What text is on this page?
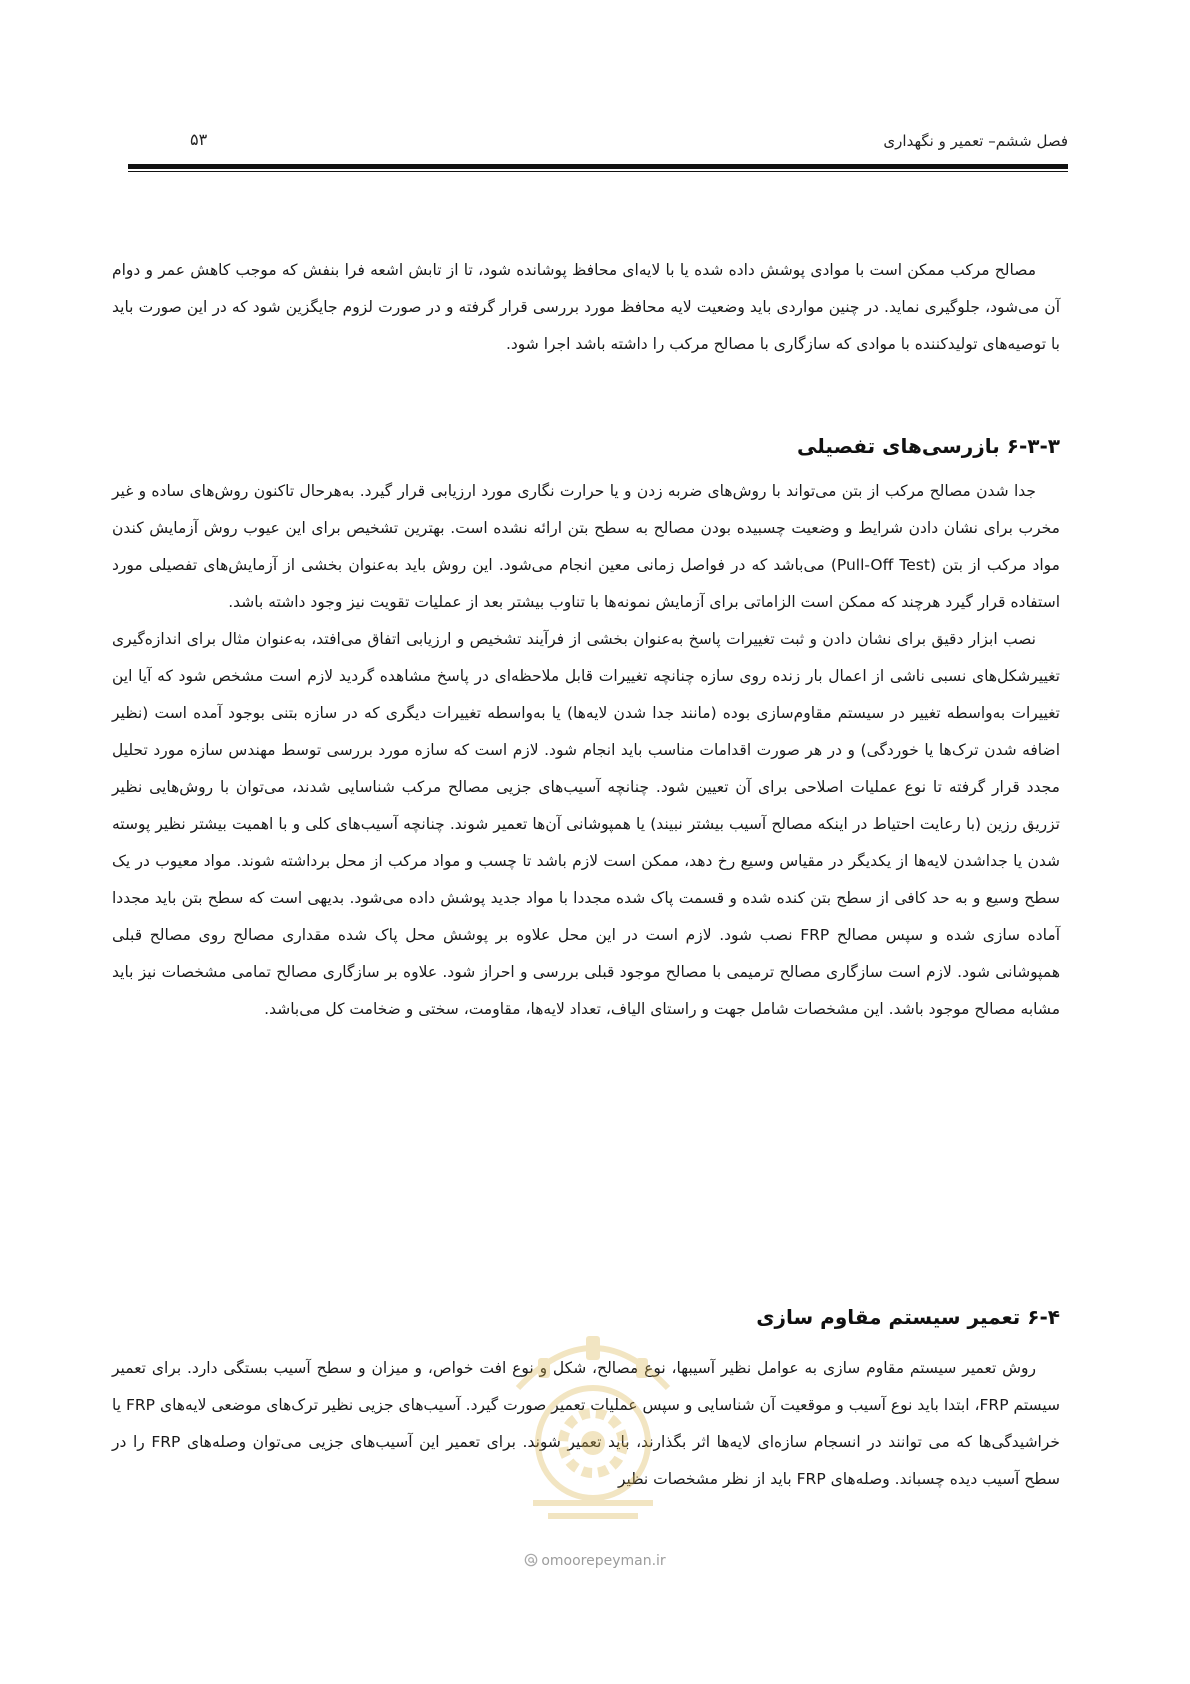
فصل ششم– تعمیر و نگهداری
۵۳

مصالح مرکب ممکن است با موادی پوشش داده شده یا با لایه‌ای محافظ پوشانده شود، تا از تابش اشعه فرا بنفش که موجب کاهش عمر و دوام آن می‌شود، جلوگیری نماید. در چنین مواردی باید وضعیت لایه محافظ مورد بررسی قرار گرفته و در صورت لزوم جایگزین شود که در این صورت باید با توصیه‌های تولیدکننده با موادی که سازگاری با مصالح مرکب را داشته باشد اجرا شود.

۶-۳-۳ بازرسی‌های تفصیلی

جدا شدن مصالح مرکب از بتن می‌تواند با روش‌های ضربه زدن و یا حرارت نگاری مورد ارزیابی قرار گیرد. به‌هرحال تاکنون روش‌های ساده و غیر مخرب برای نشان دادن شرایط و وضعیت چسبیده بودن مصالح به سطح بتن ارائه نشده است. بهترین تشخیص برای این عیوب روش آزمایش کندن مواد مرکب از بتن (Pull-Off Test) می‌باشد که در فواصل زمانی معین انجام می‌شود. این روش باید به‌عنوان بخشی از آزمایش‌های تفصیلی مورد استفاده قرار گیرد هرچند که ممکن است الزاماتی برای آزمایش نمونه‌ها با تناوب بیشتر بعد از عملیات تقویت نیز وجود داشته باشد.

نصب ابزار دقیق برای نشان دادن و ثبت تغییرات پاسخ به‌عنوان بخشی از فرآیند تشخیص و ارزیابی اتفاق می‌افتد، به‌عنوان مثال برای اندازه‌گیری تغییرشکل‌های نسبی ناشی از اعمال بار زنده روی سازه چنانچه تغییرات قابل ملاحظه‌ای در پاسخ مشاهده گردید لازم است مشخص شود که آیا این تغییرات به‌واسطه تغییر در سیستم مقاوم‌سازی بوده (مانند جدا شدن لایه‌ها) یا به‌واسطه تغییرات دیگری که در سازه بتنی بوجود آمده است (نظیر اضافه شدن ترک‌ها یا خوردگی) و در هر صورت اقدامات مناسب باید انجام شود. لازم است که سازه مورد بررسی توسط مهندس سازه مورد تحلیل مجدد قرار گرفته تا نوع عملیات اصلاحی برای آن تعیین شود. چنانچه آسیب‌های جزیی مصالح مرکب شناسایی شدند، می‌توان با روش‌هایی نظیر تزریق رزین (با رعایت احتیاط در اینکه مصالح آسیب بیشتر نبیند) یا همپوشانی آن‌ها تعمیر شوند. چنانچه آسیب‌های کلی و با اهمیت بیشتر نظیر پوسته شدن یا جداشدن لایه‌ها از یکدیگر در مقیاس وسیع رخ دهد، ممکن است لازم باشد تا چسب و مواد مرکب از محل برداشته شوند. مواد معیوب در یک سطح وسیع و به حد کافی از سطح بتن کنده شده و قسمت پاک شده مجددا با مواد جدید پوشش داده می‌شود. بدیهی است که سطح بتن باید مجددا آماده سازی شده و سپس مصالح FRP نصب شود. لازم است در این محل علاوه بر پوشش محل پاک شده مقداری مصالح روی مصالح قبلی همپوشانی شود. لازم است سازگاری مصالح ترمیمی با مصالح موجود قبلی بررسی و احراز شود. علاوه بر سازگاری مصالح تمامی مشخصات نیز باید مشابه مصالح موجود باشد. این مشخصات شامل جهت و راستای الیاف، تعداد لایه‌ها، مقاومت، سختی و ضخامت کل می‌باشد.

۶-۴ تعمیر سیستم مقاوم سازی

روش تعمیر سیستم مقاوم سازی به عوامل نظیر آسیبها، نوع مصالح، شکل و نوع افت خواص، و میزان و سطح آسیب بستگی دارد. برای تعمیر سیستم FRP، ابتدا باید نوع آسیب و موقعیت آن شناسایی و سپس عملیات تعمیر صورت گیرد. آسیب‌های جزیی نظیر ترک‌های موضعی لایه‌های FRP یا خراشیدگی‌ها که می توانند در انسجام سازه‌ای لایه‌ها اثر بگذارند، باید تعمیر شوند. برای تعمیر این آسیب‌های جزیی می‌توان وصله‌های FRP را در سطح آسیب دیده چسباند. وصله‌های FRP باید از نظر مشخصات نظیر

omoorepeyman.ir
